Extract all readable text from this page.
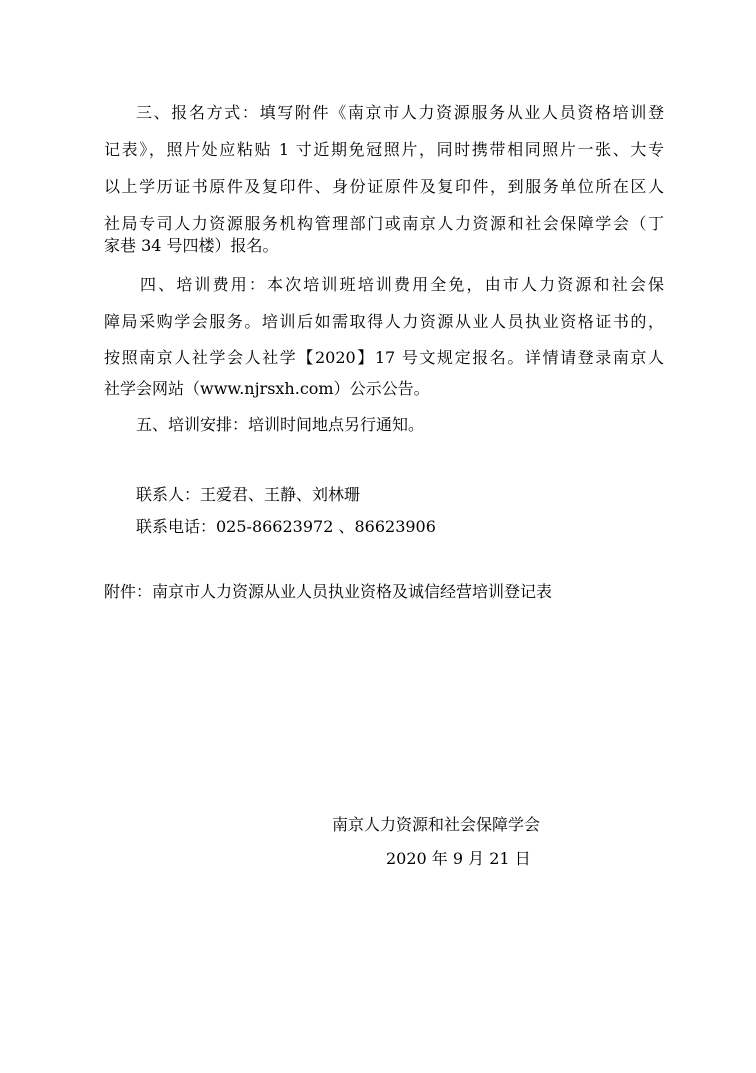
三、报名方式：填写附件《南京市人力资源服务从业人员资格培训登
记表》，照片处应粘贴 1 寸近期免冠照片，同时携带相同照片一张、大专
以上学历证书原件及复印件、身份证原件及复印件，到服务单位所在区人
社局专司人力资源服务机构管理部门或南京人力资源和社会保障学会（丁
家巷 34 号四楼）报名。
四、培训费用：本次培训班培训费用全免，由市人力资源和社会保
障局采购学会服务。培训后如需取得人力资源从业人员执业资格证书的，
按照南京人社学会人社学【2020】17 号文规定报名。详情请登录南京人
社学会网站（www.njrsxh.com）公示公告。
五、培训安排：培训时间地点另行通知。
联系人：王爱君、王静、刘林珊
联系电话：025-86623972 、86623906
附件：南京市人力资源从业人员执业资格及诚信经营培训登记表
南京人力资源和社会保障学会
2020 年 9 月 21 日
